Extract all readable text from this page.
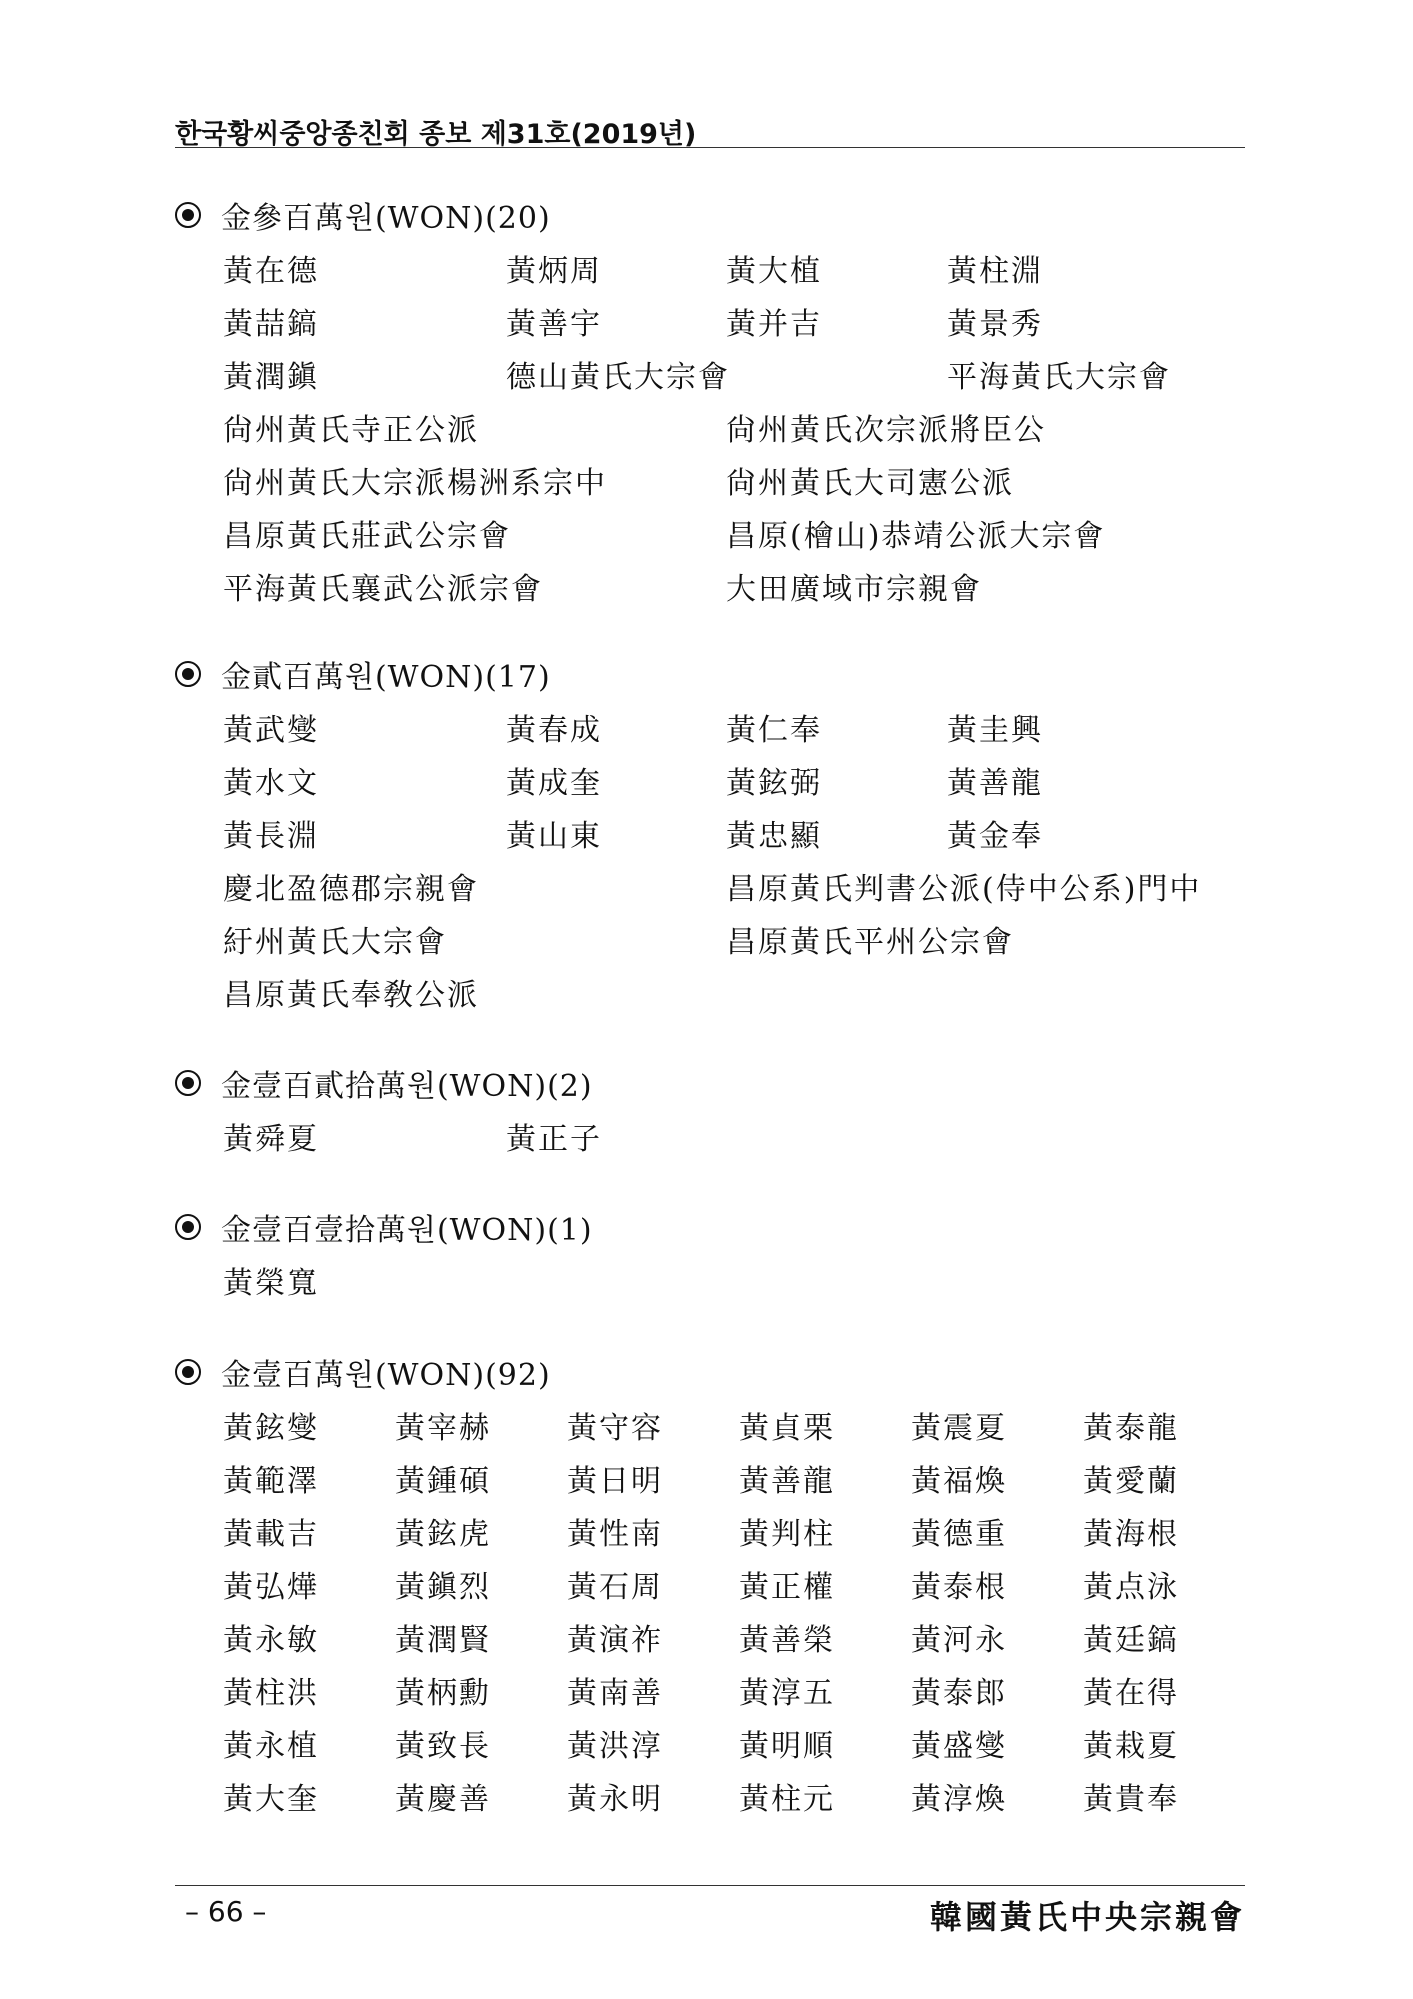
한국황씨중앙종친회 종보 제31호(2019년)
金參百萬원(WON)(20)
黃在德	黃炳周	黃大植	黃柱淵
黃喆鎬	黃善宇	黃并吉	黃景秀
黃潤鎭	德山黃氏大宗會	平海黃氏大宗會
尙州黃氏寺正公派	尙州黃氏次宗派將臣公
尙州黃氏大宗派楊洲系宗中	尙州黃氏大司憲公派
昌原黃氏莊武公宗會	昌原(檜山)恭靖公派大宗會
平海黃氏襄武公派宗會	大田廣域市宗親會
金貳百萬원(WON)(17)
黃武燮	黃春成	黃仁奉	黃圭興
黃水文	黃成奎	黃鉉弼	黃善龍
黃長淵	黃山東	黃忠顯	黃金奉
慶北盈德郡宗親會	昌原黃氏判書公派(侍中公系)門中
紆州黃氏大宗會	昌原黃氏平州公宗會
昌原黃氏奉敎公派
金壹百貳拾萬원(WON)(2)
黃舜夏	黃正子
金壹百壹拾萬원(WON)(1)
黃榮寬
金壹百萬원(WON)(92)
黃鉉燮	黃宰赫	黃守容	黃貞栗	黃震夏	黃泰龍
黃範澤	黃鍾碩	黃日明	黃善龍	黃福煥	黃愛蘭
黃載吉	黃鉉虎	黃性南	黃判柱	黃德重	黃海根
黃弘燁	黃鎭烈	黃石周	黃正權	黃泰根	黃点泳
黃永敏	黃潤賢	黃演祚	黃善榮	黃河永	黃廷鎬
黃柱洪	黃柄勳	黃南善	黃淳五	黃泰郎	黃在得
黃永植	黃致長	黃洪淳	黃明順	黃盛燮	黃栽夏
黃大奎	黃慶善	黃永明	黃柱元	黃淳煥	黃貴奉
– 66 –	韓國黃氏中央宗親會
